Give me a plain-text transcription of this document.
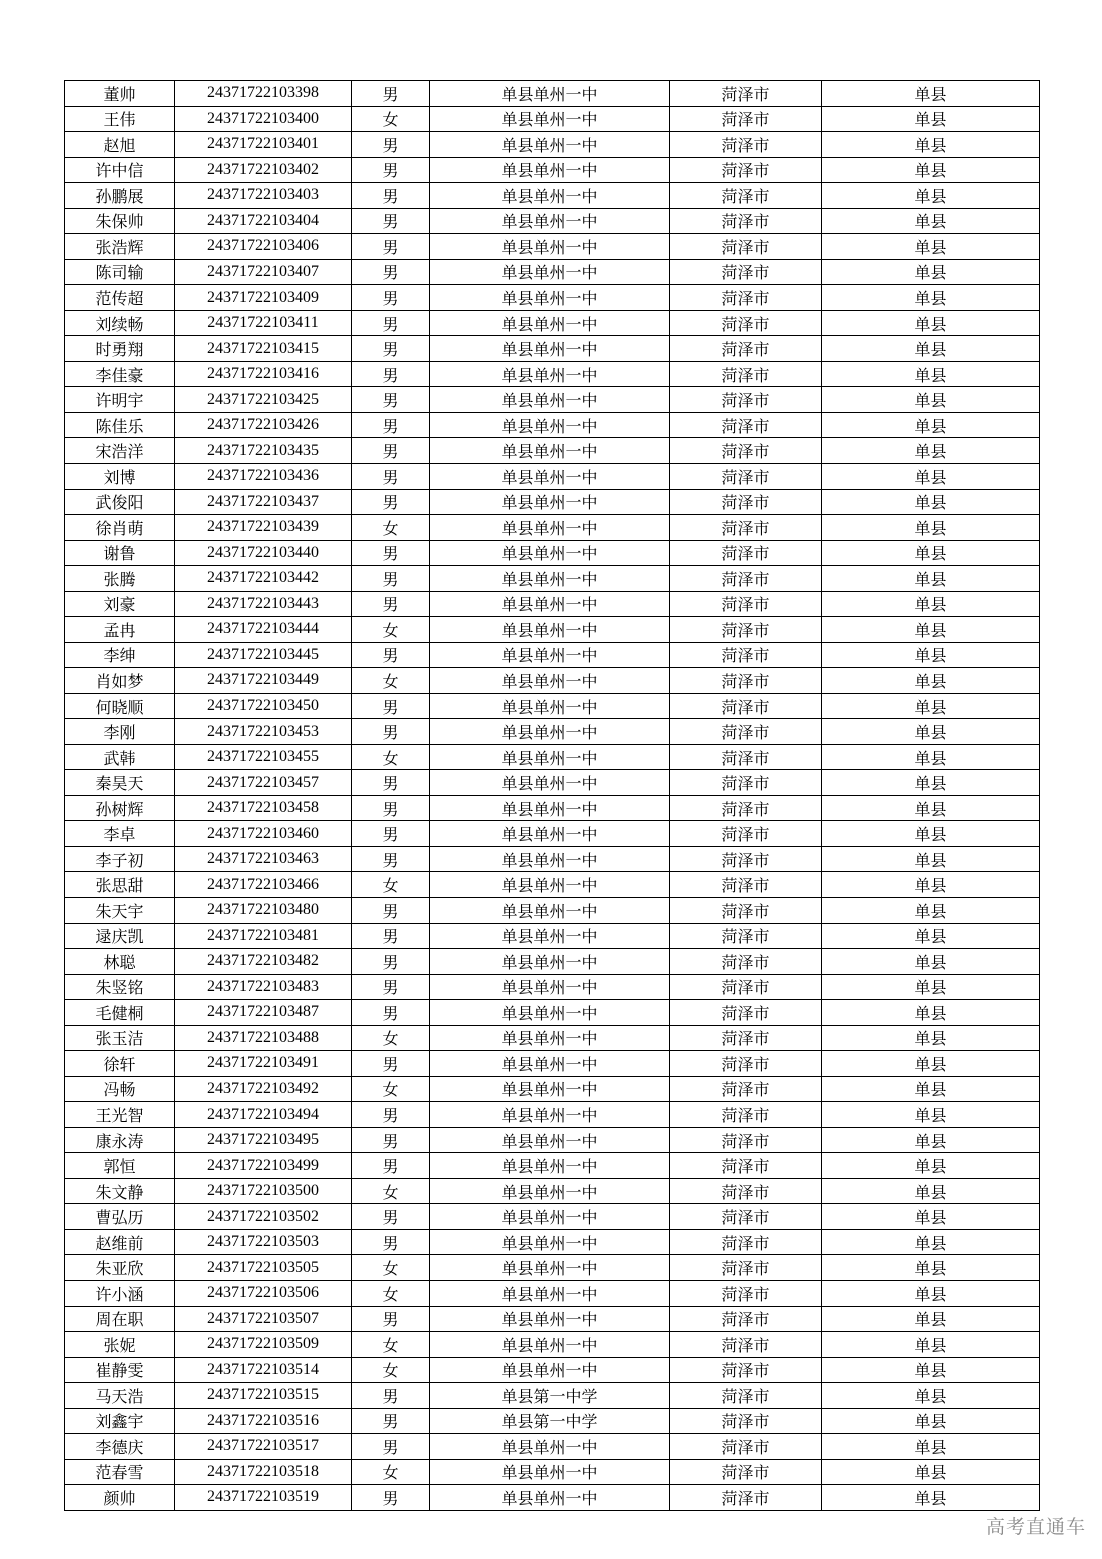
董帅	24371722103398	男	单县单州一中	菏泽市	单县
王伟	24371722103400	女	单县单州一中	菏泽市	单县
赵旭	24371722103401	男	单县单州一中	菏泽市	单县
许中信	24371722103402	男	单县单州一中	菏泽市	单县
孙鹏展	24371722103403	男	单县单州一中	菏泽市	单县
朱保帅	24371722103404	男	单县单州一中	菏泽市	单县
张浩辉	24371722103406	男	单县单州一中	菏泽市	单县
陈司输	24371722103407	男	单县单州一中	菏泽市	单县
范传超	24371722103409	男	单县单州一中	菏泽市	单县
刘续畅	24371722103411	男	单县单州一中	菏泽市	单县
时勇翔	24371722103415	男	单县单州一中	菏泽市	单县
李佳豪	24371722103416	男	单县单州一中	菏泽市	单县
许明宇	24371722103425	男	单县单州一中	菏泽市	单县
陈佳乐	24371722103426	男	单县单州一中	菏泽市	单县
宋浩洋	24371722103435	男	单县单州一中	菏泽市	单县
刘博	24371722103436	男	单县单州一中	菏泽市	单县
武俊阳	24371722103437	男	单县单州一中	菏泽市	单县
徐肖萌	24371722103439	女	单县单州一中	菏泽市	单县
谢鲁	24371722103440	男	单县单州一中	菏泽市	单县
张腾	24371722103442	男	单县单州一中	菏泽市	单县
刘豪	24371722103443	男	单县单州一中	菏泽市	单县
孟冉	24371722103444	女	单县单州一中	菏泽市	单县
李绅	24371722103445	男	单县单州一中	菏泽市	单县
肖如梦	24371722103449	女	单县单州一中	菏泽市	单县
何晓顺	24371722103450	男	单县单州一中	菏泽市	单县
李刚	24371722103453	男	单县单州一中	菏泽市	单县
武韩	24371722103455	女	单县单州一中	菏泽市	单县
秦昊天	24371722103457	男	单县单州一中	菏泽市	单县
孙树辉	24371722103458	男	单县单州一中	菏泽市	单县
李卓	24371722103460	男	单县单州一中	菏泽市	单县
李子初	24371722103463	男	单县单州一中	菏泽市	单县
张思甜	24371722103466	女	单县单州一中	菏泽市	单县
朱天宇	24371722103480	男	单县单州一中	菏泽市	单县
逯庆凯	24371722103481	男	单县单州一中	菏泽市	单县
林聪	24371722103482	男	单县单州一中	菏泽市	单县
朱竖铭	24371722103483	男	单县单州一中	菏泽市	单县
毛健桐	24371722103487	男	单县单州一中	菏泽市	单县
张玉洁	24371722103488	女	单县单州一中	菏泽市	单县
徐轩	24371722103491	男	单县单州一中	菏泽市	单县
冯畅	24371722103492	女	单县单州一中	菏泽市	单县
王光智	24371722103494	男	单县单州一中	菏泽市	单县
康永涛	24371722103495	男	单县单州一中	菏泽市	单县
郭恒	24371722103499	男	单县单州一中	菏泽市	单县
朱文静	24371722103500	女	单县单州一中	菏泽市	单县
曹弘历	24371722103502	男	单县单州一中	菏泽市	单县
赵维前	24371722103503	男	单县单州一中	菏泽市	单县
朱亚欣	24371722103505	女	单县单州一中	菏泽市	单县
许小涵	24371722103506	女	单县单州一中	菏泽市	单县
周在职	24371722103507	男	单县单州一中	菏泽市	单县
张妮	24371722103509	女	单县单州一中	菏泽市	单县
崔静雯	24371722103514	女	单县单州一中	菏泽市	单县
马天浩	24371722103515	男	单县第一中学	菏泽市	单县
刘鑫宇	24371722103516	男	单县第一中学	菏泽市	单县
李德庆	24371722103517	男	单县单州一中	菏泽市	单县
范春雪	24371722103518	女	单县单州一中	菏泽市	单县
颜帅	24371722103519	男	单县单州一中	菏泽市	单县
高考直通车
